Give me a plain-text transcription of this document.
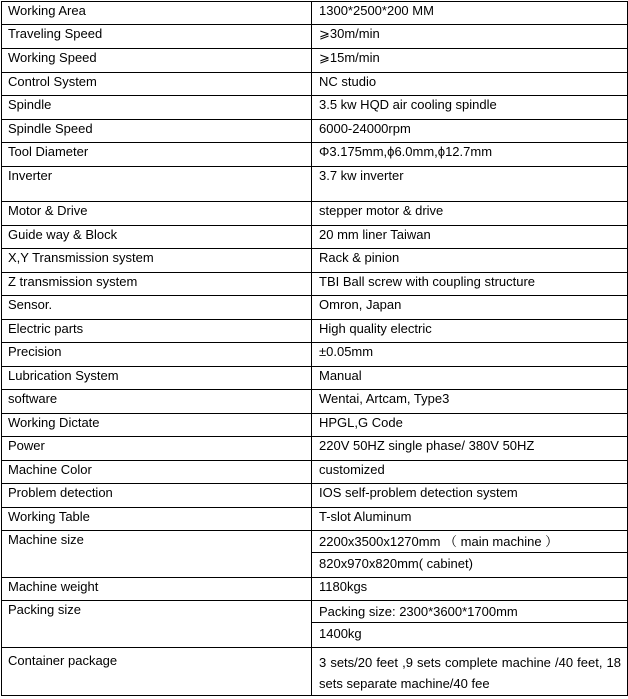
Working Area	1300*2500*200 MM
Traveling Speed	⩾30m/min
Working Speed	⩾15m/min
Control System	NC studio
Spindle	3.5 kw HQD air cooling spindle
Spindle Speed	6000-24000rpm
Tool Diameter	Φ3.175mm,ϕ6.0mm,ϕ12.7mm
Inverter	3.7 kw inverter
Motor & Drive	stepper motor & drive
Guide way & Block	20 mm liner Taiwan
X,Y Transmission system	Rack & pinion
Z transmission system	TBI Ball screw with coupling structure
Sensor.	Omron, Japan
Electric parts	High quality electric
Precision	±0.05mm
Lubrication System	Manual
software	Wentai, Artcam, Type3
Working Dictate	HPGL,G Code
Power	220V 50HZ single phase/ 380V 50HZ
Machine Color	customized
Problem detection	IOS self-problem detection system
Working Table	T-slot Aluminum
Machine size	2200x3500x1270mm （ main machine ）
820x970x820mm( cabinet)

Machine weight	1180kgs
Packing size	Packing size: 2300*3600*1700mm
1400kg

Container package	3 sets/20 feet ,9 sets complete machine /40 feet, 18 sets separate machine/40 fee
